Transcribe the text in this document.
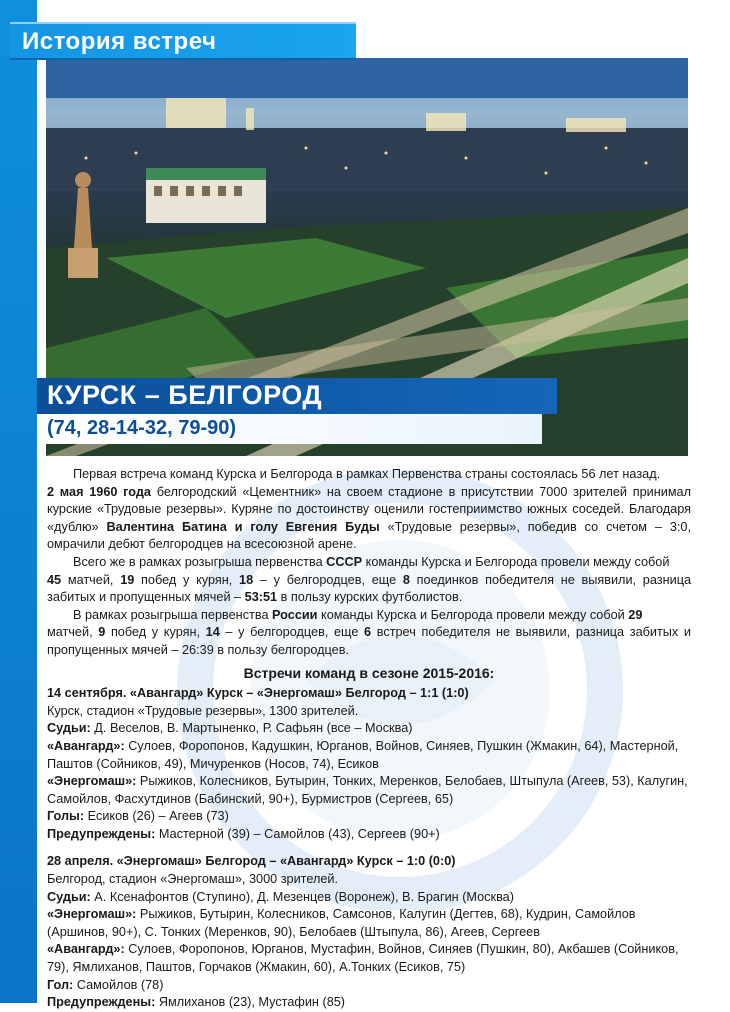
История встреч
КУРСК – БЕЛГОРОД
(74, 28-14-32, 79-90)

Первая встреча команд Курска и Белгорода в рамках Первенства страны состоялась 56 лет назад.
2 мая 1960 года белгородский «Цементник» на своем стадионе в присутствии 7000 зрителей принимал курские «Трудовые резервы». Куряне по достоинству оценили гостеприимство южных соседей. Благодаря «дублю» Валентина Батина и голу Евгения Буды «Трудовые резервы», победив со счетом – 3:0, омрачили дебют белгородцев на всесоюзной арене.

Всего же в рамках розыгрыша первенства СССР команды Курска и Белгорода провели между собой
45 матчей, 19 побед у курян, 18 – у белгородцев, еще 8 поединков победителя не выявили, разница забитых и пропущенных мячей – 53:51 в пользу курских футболистов.

В рамках розыгрыша первенства России команды Курска и Белгорода провели между собой 29
матчей, 9 побед у курян, 14 – у белгородцев, еще 6 встреч победителя не выявили, разница забитых и пропущенных мячей – 26:39 в пользу белгородцев.

Встречи команд в сезоне 2015-2016:

14 сентября. «Авангард» Курск – «Энергомаш» Белгород – 1:1 (1:0)

Курск, стадион «Трудовые резервы», 1300 зрителей.

Судьи: Д. Веселов, В. Мартыненко, Р. Сафьян (все – Москва)

«Авангард»: Сулоев, Форопонов, Кадушкин, Юрганов, Войнов, Синяев, Пушкин (Жмакин, 64), Мастерной, Паштов (Сойников, 49), Мичуренков (Носов, 74), Есиков

«Энергомаш»: Рыжиков, Колесников, Бутырин, Тонких, Меренков, Белобаев, Штыпула (Агеев, 53), Калугин, Самойлов, Фасхутдинов (Бабинский, 90+), Бурмистров (Сергеев, 65)

Голы: Есиков (26) – Агеев (73)

Предупреждены: Мастерной (39) – Самойлов (43), Сергеев (90+)

28 апреля. «Энергомаш» Белгород – «Авангард» Курск – 1:0 (0:0)

Белгород, стадион «Энергомаш», 3000 зрителей.

Судьи: А. Ксенафонтов (Ступино), Д. Мезенцев (Воронеж), В. Брагин (Москва)

«Энергомаш»: Рыжиков, Бутырин, Колесников, Самсонов, Калугин (Дегтев, 68), Кудрин, Самойлов (Аршинов, 90+), С. Тонких (Меренков, 90), Белобаев (Штыпула, 86), Агеев, Сергеев

«Авангард»: Сулоев, Форопонов, Юрганов, Мустафин, Войнов, Синяев (Пушкин, 80), Акбашев (Сойников, 79), Ямлиханов, Паштов, Горчаков (Жмакин, 60), А.Тонких (Есиков, 75)

Гол: Самойлов (78)

Предупреждены: Ямлиханов (23), Мустафин (85)
